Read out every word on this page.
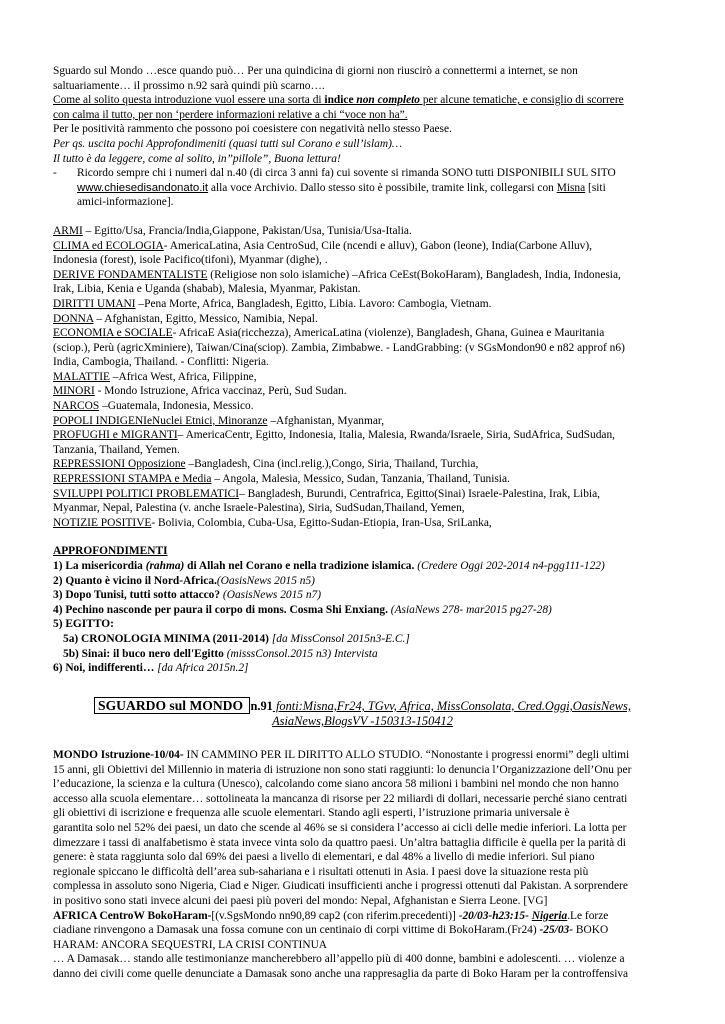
Sguardo sul Mondo …esce quando può… Per una quindicina di giorni non riuscirò a connettermi a internet, se non
saltuariamente… il prossimo n.92 sarà quindi più scarno….
Come al solito questa introduzione vuol essere una sorta di indice non completo per alcune tematiche, e consiglio di scorrere
con calma il tutto, per non ‘perdere informazioni relative a chi “voce non ha”.
Per le positività rammento che possono poi coesistere con negatività nello stesso Paese.
Per qs. uscita pochi Approfondimeniti (quasi tutti sul Corano e sull’islam)…
Il tutto è da leggere, come al solito, in”pillole”, Buona lettura!
-	Ricordo sempre chi i numeri dal n.40 (di circa 3 anni fa) cui sovente si rimanda SONO tutti DISPONIBILI SUL SITO
www.chiesedisandonato.it alla voce Archivio. Dallo stesso sito è possibile, tramite link, collegarsi con Misna [siti
amici-informazione].
ARMI – Egitto/Usa, Francia/India,Giappone, Pakistan/Usa, Tunisia/Usa-Italia.
CLIMA ed ECOLOGIA- AmericaLatina, Asia CentroSud, Cile (ncendi e alluv), Gabon (leone), India(Carbone Alluv),
Indonesia (forest), isole Pacifico(tifoni), Myanmar (dighe), .
DERIVE FONDAMENTALISTE (Religiose non solo islamiche) –Africa CeEst(BokoHaram), Bangladesh, India, Indonesia,
Irak, Libia, Kenia e Uganda (shabab), Malesia, Myanmar, Pakistan.
DIRITTI UMANI –Pena Morte, Africa, Bangladesh, Egitto, Libia. Lavoro: Cambogia, Vietnam.
DONNA – Afghanistan, Egitto, Messico, Namibia, Nepal.
ECONOMIA e SOCIALE- AfricaE Asia(ricchezza), AmericaLatina (violenze), Bangladesh, Ghana, Guinea e Mauritania
(sciop.), Perù (agricXminiere), Taiwan/Cina(sciop). Zambia, Zimbabwe. - LandGrabbing: (v SGsMondon90 e n82 approf n6)
India, Cambogia, Thailand. - Conflitti: Nigeria.
MALATTIE –Africa West, Africa, Filippine,
MINORI - Mondo Istruzione, Africa vaccinaz, Perù, Sud Sudan.
NARCOS –Guatemala, Indonesia, Messico.
POPOLI INDIGENIeNuclei Etnici, Minoranze –Afghanistan, Myanmar,
PROFUGHI e MIGRANTI– AmericaCentr, Egitto, Indonesia, Italia, Malesia, Rwanda/Israele, Siria, SudAfrica, SudSudan,
Tanzania, Thailand, Yemen.
REPRESSIONI Opposizione –Bangladesh, Cina (incl.relig.),Congo, Siria, Thailand, Turchia,
REPRESSIONI STAMPA e Media – Angola, Malesia, Messico, Sudan, Tanzania, Thailand, Tunisia.
SVILUPPI POLITICI PROBLEMATICI– Bangladesh, Burundi, Centrafrica, Egitto(Sinai) Israele-Palestina, Irak, Libia,
Myanmar, Nepal, Palestina (v. anche Israele-Palestina), Siria, SudSudan,Thailand, Yemen,
NOTIZIE POSITIVE- Bolivia, Colombia, Cuba-Usa, Egitto-Sudan-Etiopia, Iran-Usa, SriLanka,
APPROFONDIMENTI
1) La misericordia (rahma) di Allah nel Corano e nella tradizione islamica. (Credere Oggi 202-2014 n4-pgg111-122)
2) Quanto è vicino il Nord-Africa.(OasisNews 2015 n5)
3) Dopo Tunisi, tutti sotto attacco? (OasisNews 2015 n7)
4) Pechino nasconde per paura il corpo di mons. Cosma Shi Enxiang. (AsiaNews 278- mar2015 pg27-28)
5) EGITTO:
5a) CRONOLOGIA MINIMA (2011-2014) [da MissConsol 2015n3-E.C.]
5b) Sinai: il buco nero dell'Egitto (misssConsol.2015 n3) Intervista
6) Noi, indifferenti… [da Africa 2015n.2]
SGUARDO sul MONDO n.91 fonti:Misna,Fr24, TGvv, Africa, MissConsolata, Cred.Oggi,OasisNews,
AsiaNews,BlogsVV -150313-150412
MONDO Istruzione-10/04- IN CAMMINO PER IL DIRITTO ALLO STUDIO. “Nonostante i progressi enormi” degli ultimi
15 anni, gli Obiettivi del Millennio in materia di istruzione non sono stati raggiunti: lo denuncia l’Organizzazione dell’Onu per
l’educazione, la scienza e la cultura (Unesco), calcolando come siano ancora 58 milioni i bambini nel mondo che non hanno
accesso alla scuola elementare… sottolineata la mancanza di risorse per 22 miliardi di dollari, necessarie perché siano centrati
gli obiettivi di iscrizione e frequenza alle scuole elementari. Stando agli esperti, l’istruzione primaria universale è
garantita solo nel 52% dei paesi, un dato che scende al 46% se si considera l’accesso ai cicli delle medie inferiori. La lotta per
dimezzare i tassi di analfabetismo è stata invece vinta solo da quattro paesi. Un’altra battaglia difficile è quella per la parità di
genere: è stata raggiunta solo dal 69% dei paesi a livello di elementari, e dal 48% a livello di medie inferiori. Sul piano
regionale spiccano le difficoltà dell’area sub-sahariana e i risultati ottenuti in Asia. I paesi dove la situazione resta più
complessa in assoluto sono Nigeria, Ciad e Niger. Giudicati insufficienti anche i progressi ottenuti dal Pakistan. A sorprendere
in positivo sono stati invece alcuni dei paesi più poveri del mondo: Nepal, Afghanistan e Sierra Leone. [VG]
AFRICA CentroW BokoHaram-[(v.SgsMondo nn90,89 cap2 (con riferim.precedenti)] -20/03-h23:15- Nigeria.Le forze
ciadiane rinvengono a Damasak una fossa comune con un centinaio di corpi vittime di BokoHaram.(Fr24) -25/03- BOKO
HARAM: ANCORA SEQUESTRI, LA CRISI CONTINUA
… A Damasak… stando alle testimonianze mancherebbero all’appello più di 400 donne, bambini e adolescenti. … violenze a
danno dei civili come quelle denunciate a Damasak sono anche una rappresaglia da parte di Boko Haram per la controffensiva
